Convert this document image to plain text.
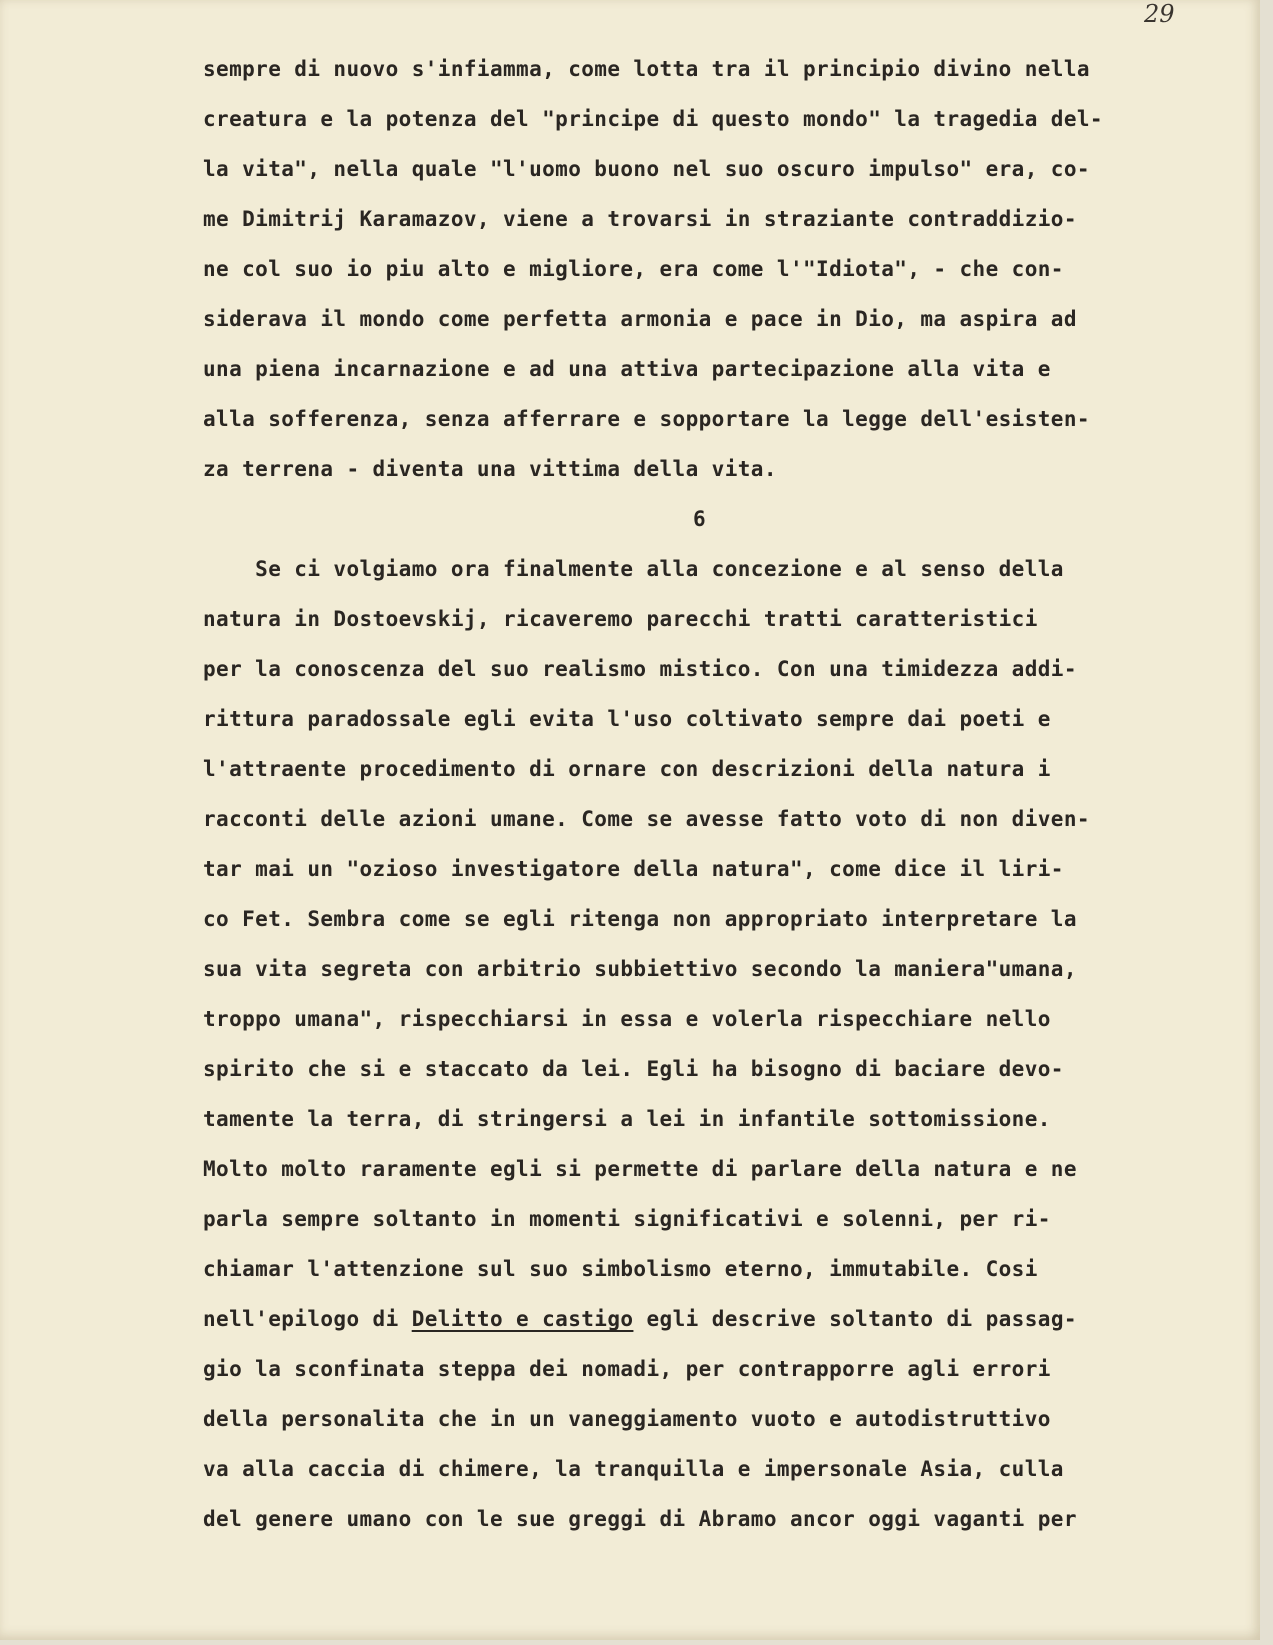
29
sempre di nuovo s'infiamma, come lotta tra il principio divino nella
creatura e la potenza del "principe di questo mondo" la tragedia del-
la vita", nella quale "l'uomo buono nel suo oscuro impulso" era, co-
me Dimitrij Karamazov, viene a trovarsi in straziante contraddizio-
ne col suo io piu alto e migliore, era come l'"Idiota", - che con-
siderava il mondo come perfetta armonia e pace in Dio, ma aspira ad
una piena incarnazione e ad una attiva partecipazione alla vita e
alla sofferenza, senza afferrare e sopportare la legge dell'esisten-
za terrena - diventa una vittima della vita.
6
Se ci volgiamo ora finalmente alla concezione e al senso della
natura in Dostoevskij, ricaveremo parecchi tratti caratteristici
per la conoscenza del suo realismo mistico. Con una timidezza addi-
rittura paradossale egli evita l'uso coltivato sempre dai poeti e
l'attraente procedimento di ornare con descrizioni della natura i
racconti delle azioni umane. Come se avesse fatto voto di non diven-
tar mai un "ozioso investigatore della natura", come dice il liri-
co Fet. Sembra come se egli ritenga non appropriato interpretare la
sua vita segreta con arbitrio subbiettivo secondo la maniera"umana,
troppo umana", rispecchiarsi in essa e volerla rispecchiare nello
spirito che si e staccato da lei. Egli ha bisogno di baciare devo-
tamente la terra, di stringersi a lei in infantile sottomissione.
Molto molto raramente egli si permette di parlare della natura e ne
parla sempre soltanto in momenti significativi e solenni, per ri-
chiamar l'attenzione sul suo simbolismo eterno, immutabile. Cosi
nell'epilogo di Delitto e castigo egli descrive soltanto di passag-
gio la sconfinata steppa dei nomadi, per contrapporre agli errori
della personalita che in un vaneggiamento vuoto e autodistruttivo
va alla caccia di chimere, la tranquilla e impersonale Asia, culla
del genere umano con le sue greggi di Abramo ancor oggi vaganti per
